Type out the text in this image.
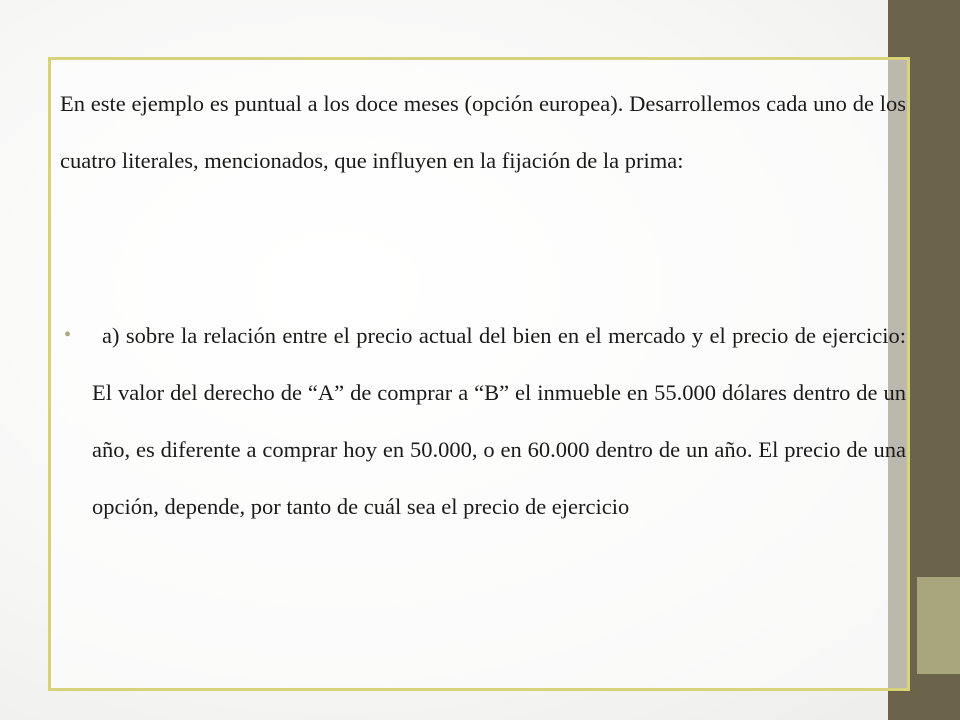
En este ejemplo es puntual a los doce meses (opción europea). Desarrollemos cada uno de los cuatro literales, mencionados, que influyen en la fijación de la prima:

•	a) sobre la relación entre el precio actual del bien en el mercado y el precio de ejercicio: El valor del derecho de “A” de comprar a “B” el inmueble en 55.000 dólares dentro de un año, es diferente a comprar hoy en 50.000, o en 60.000 dentro de un año. El precio de una opción, depende, por tanto de cuál sea el precio de ejercicio
